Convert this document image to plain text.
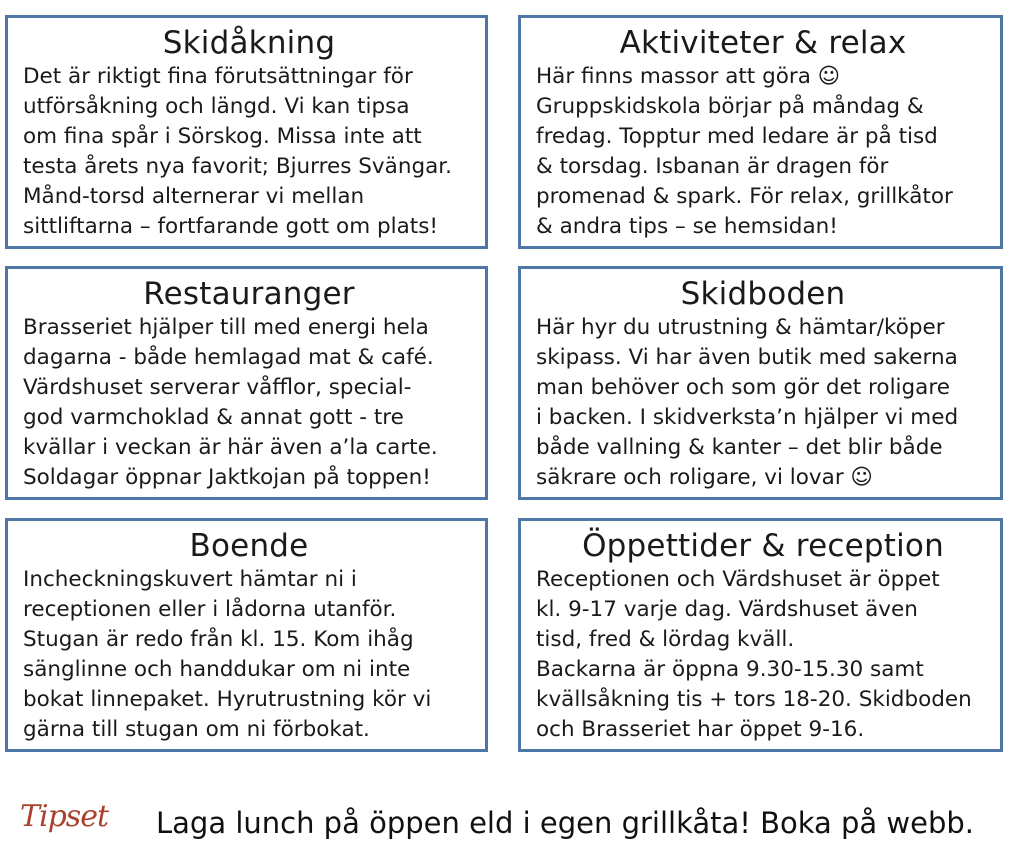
Skidåkning

Det är riktigt fina förutsättningar för
utförsåkning och längd. Vi kan tipsa
om fina spår i Sörskog. Missa inte att
testa årets nya favorit; Bjurres Svängar.
Månd-torsd alternerar vi mellan
sittliftarna – fortfarande gott om plats!

Aktiviteter & relax

Här finns massor att göra ☺
Gruppskidskola börjar på måndag &
fredag. Topptur med ledare är på tisd
& torsdag. Isbanan är dragen för
promenad & spark. För relax, grillkåtor
& andra tips – se hemsidan!

Restauranger

Brasseriet hjälper till med energi hela
dagarna - både hemlagad mat & café.
Värdshuset serverar våfflor, special-
god varmchoklad & annat gott - tre
kvällar i veckan är här även a’la carte.
Soldagar öppnar Jaktkojan på toppen!

Skidboden

Här hyr du utrustning & hämtar/köper
skipass. Vi har även butik med sakerna
man behöver och som gör det roligare
i backen. I skidverksta’n hjälper vi med
både vallning & kanter – det blir både
säkrare och roligare, vi lovar ☺

Boende

Incheckningskuvert hämtar ni i
receptionen eller i lådorna utanför.
Stugan är redo från kl. 15. Kom ihåg
sänglinne och handdukar om ni inte
bokat linnepaket. Hyrutrustning kör vi
gärna till stugan om ni förbokat.

Öppettider & reception

Receptionen och Värdshuset är öppet
kl. 9-17 varje dag. Värdshuset även
tisd, fred & lördag kväll.
Backarna är öppna 9.30-15.30 samt
kvällsåkning tis + tors 18-20. Skidboden
och Brasseriet har öppet 9-16.

Tipset Laga lunch på öppen eld i egen grillkåta! Boka på webb.
